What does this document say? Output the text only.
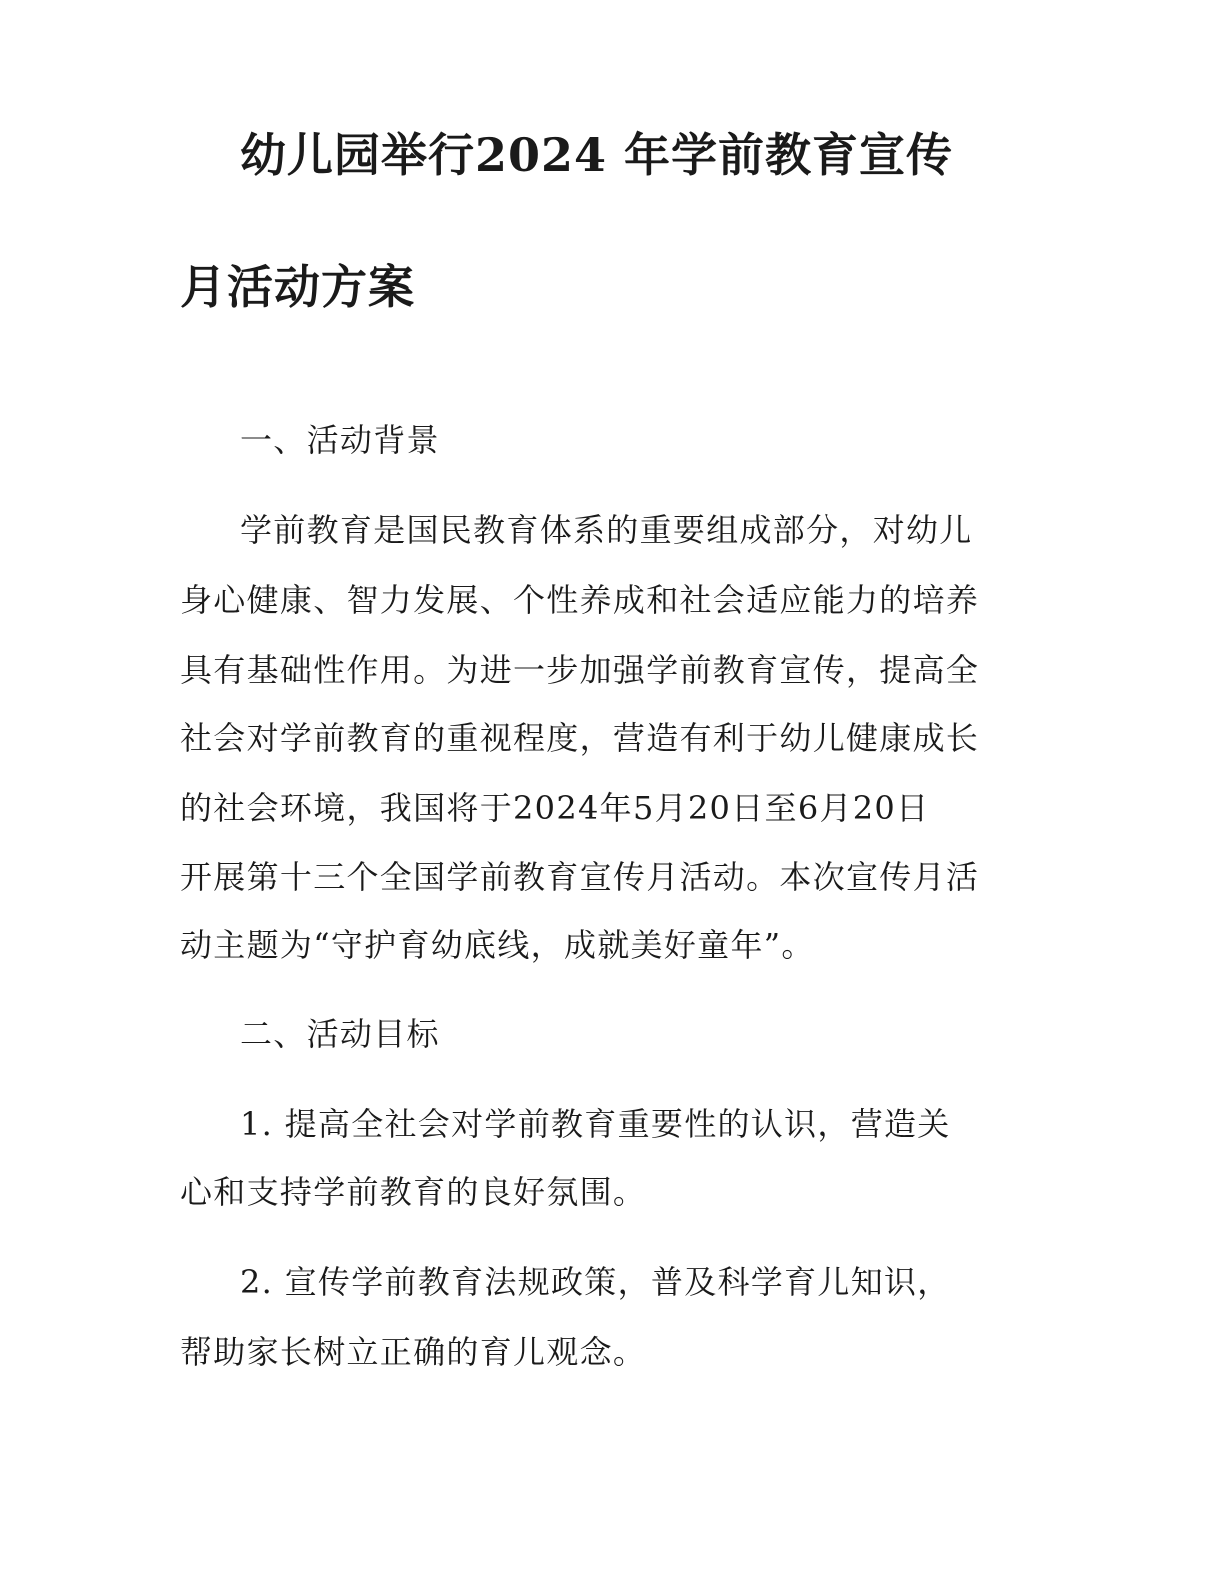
幼儿园举行2024 年学前教育宣传
月活动方案

一、活动背景

学前教育是国民教育体系的重要组成部分，对幼儿

身心健康、智力发展、个性养成和社会适应能力的培养

具有基础性作用。为进一步加强学前教育宣传，提高全

社会对学前教育的重视程度，营造有利于幼儿健康成长

的社会环境，我国将于2024年5月20日至6月20日

开展第十三个全国学前教育宣传月活动。本次宣传月活

动主题为“守护育幼底线，成就美好童年”。

二、活动目标

1. 提高全社会对学前教育重要性的认识，营造关

心和支持学前教育的良好氛围。

2. 宣传学前教育法规政策，普及科学育儿知识，

帮助家长树立正确的育儿观念。
